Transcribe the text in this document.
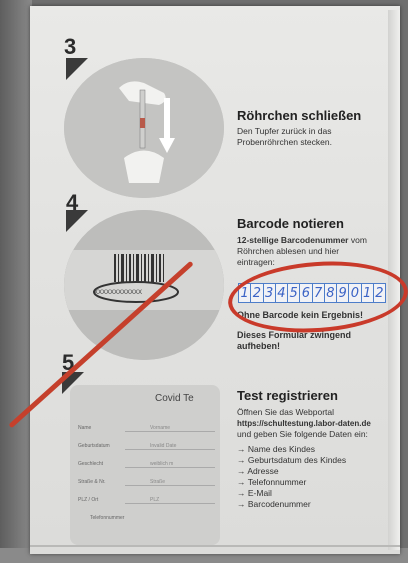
3
Röhrchen schließen
Den Tupfer zurück in das
Probenröhrchen stecken.
4
XXXXXXXXXXXX
Barcode notieren
12-stellige Barcodenummer vom
Röhrchen ablesen und hier
eintragen:
1 2 3 4 5 6 7 8 9 0 1 2
Ohne Barcode kein Ergebnis!
Dieses Formular zwingend
aufheben!
5
Covid Te
Name	Vorname
Geburtsdatum	Invalid Date
Geschlecht	weiblich m
Straße & Nr.	Straße
PLZ / Ort	PLZ
Telefonnummer
Test registrieren
Öffnen Sie das Webportal
https://schultestung.labor-daten.de
und geben Sie folgende Daten ein:
→ Name des Kindes
→ Geburtsdatum des Kindes
→ Adresse
→ Telefonnummer
→ E-Mail
→ Barcodenummer
